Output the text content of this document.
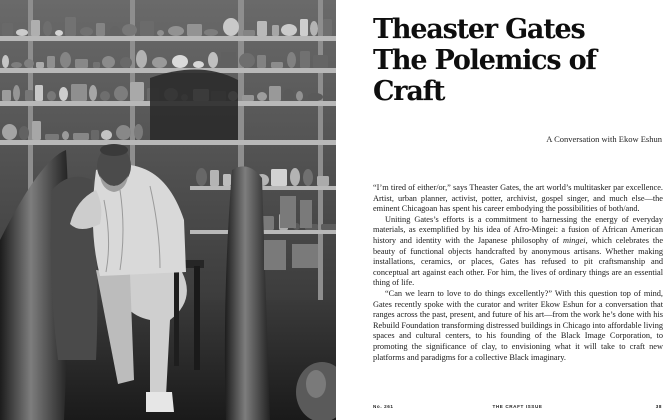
Theaster Gates
The Polemics of
Craft

A Conversation with Ekow Eshun

“I’m tired of either/or,” says Theaster Gates, the art world’s multitasker par excellence. Artist, urban planner, activist, potter, archivist, gospel singer, and much else—the eminent Chicagoan has spent his career embodying the possibilities of both/and.

Uniting Gates’s efforts is a commitment to harnessing the energy of everyday materials, as exemplified by his idea of Afro-Mingei: a fusion of African American history and identity with the Japanese philosophy of mingei, which celebrates the beauty of functional objects handcrafted by anonymous artisans. Whether making installations, ceramics, or places, Gates has refused to pit craftsmanship and conceptual art against each other. For him, the lives of ordinary things are an essential thing of life.

“Can we learn to love to do things excellently?” With this question top of mind, Gates recently spoke with the curator and writer Ekow Eshun for a conversation that ranges across the past, present, and future of his art—from the work he’s done with his Rebuild Foundation transforming distressed buildings in Chicago into affordable living spaces and cultural centers, to his founding of the Black Image Corporation, to promoting the significance of clay, to envisioning what it will take to craft new platforms and paradigms for a collective Black imaginary.

No. 261	THE CRAFT ISSUE	38
